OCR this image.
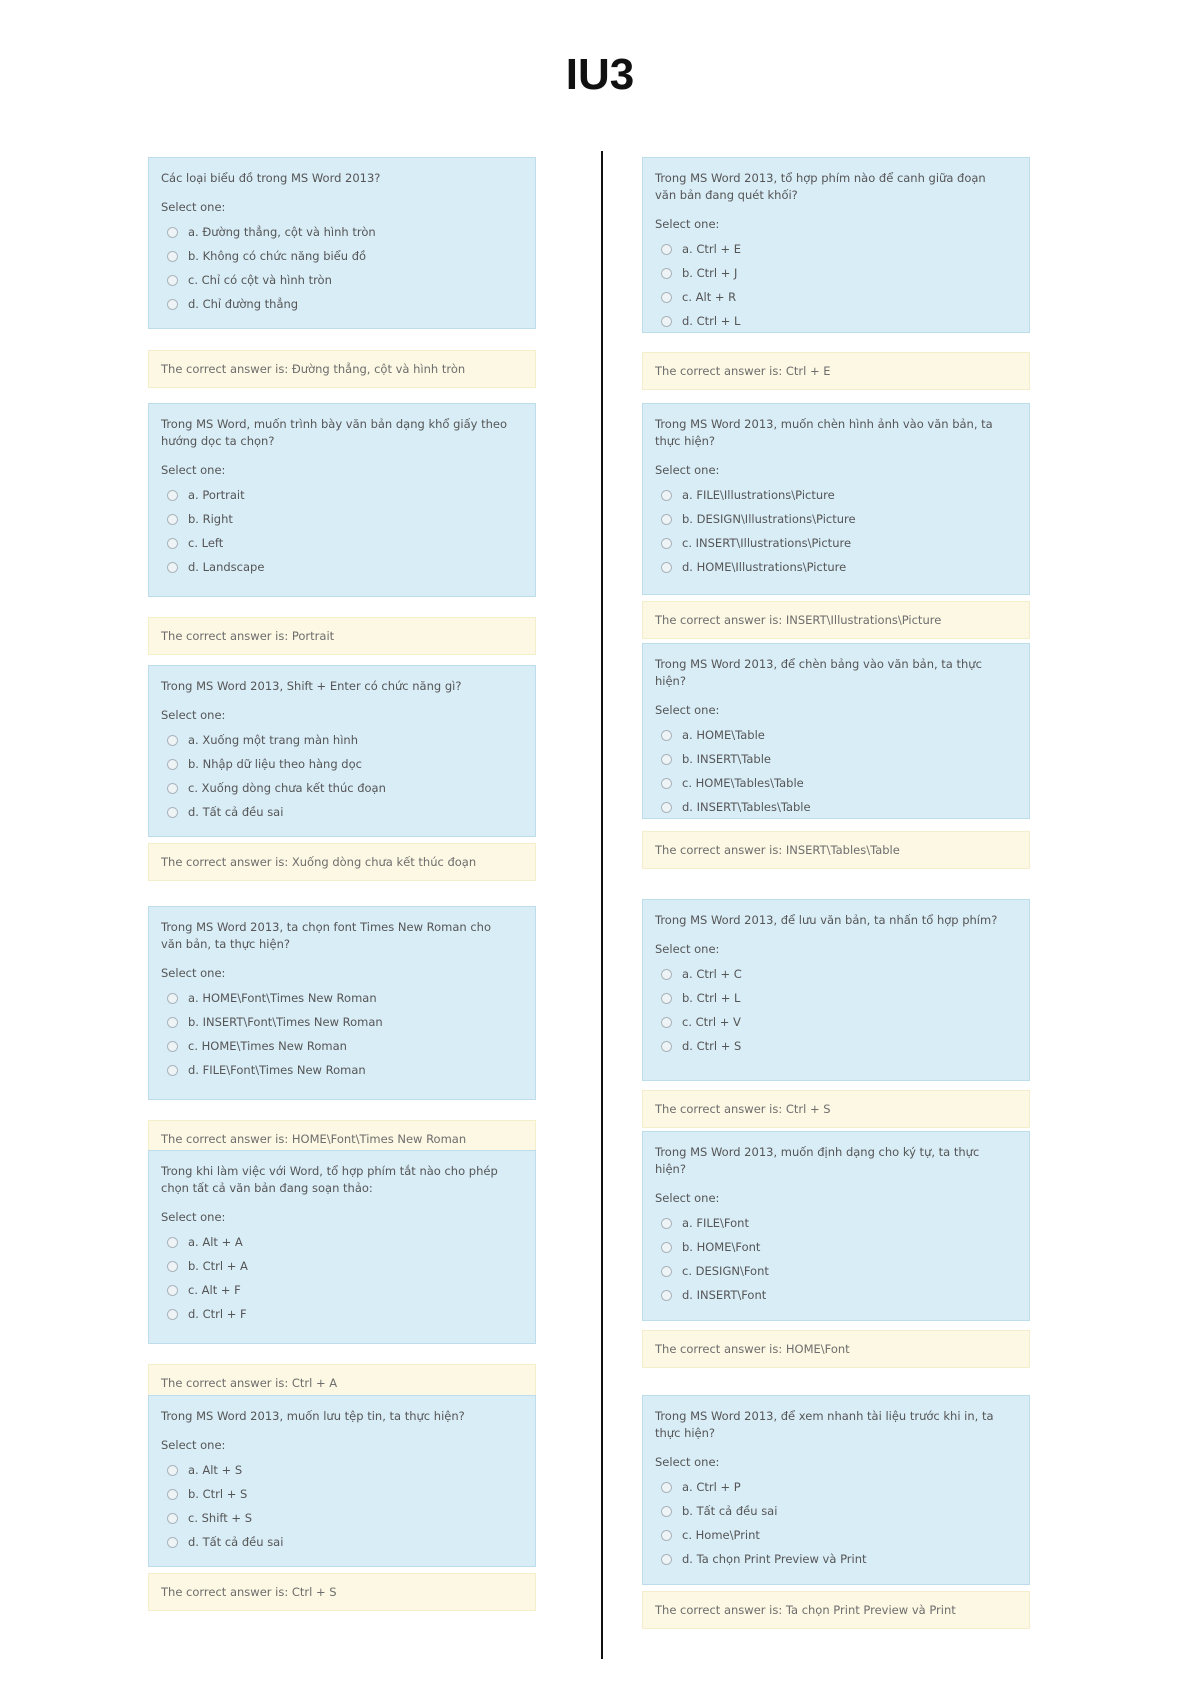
IU3
Các loại biểu đồ trong MS Word 2013?
Select one:
a. Đường thẳng, cột và hình tròn
b. Không có chức năng biểu đồ
c. Chỉ có cột và hình tròn
d. Chỉ đường thẳng
The correct answer is: Đường thẳng, cột và hình tròn
Trong MS Word, muốn trình bày văn bản dạng khổ giấy theo hướng dọc ta chọn?
Select one:
a. Portrait
b. Right
c. Left
d. Landscape
The correct answer is: Portrait
Trong MS Word 2013, Shift + Enter có chức năng gì?
Select one:
a. Xuống một trang màn hình
b. Nhập dữ liệu theo hàng dọc
c. Xuống dòng chưa kết thúc đoạn
d. Tất cả đều sai
The correct answer is: Xuống dòng chưa kết thúc đoạn
Trong MS Word 2013, ta chọn font Times New Roman cho văn bản, ta thực hiện?
Select one:
a. HOME\Font\Times New Roman
b. INSERT\Font\Times New Roman
c. HOME\Times New Roman
d. FILE\Font\Times New Roman
The correct answer is: HOME\Font\Times New Roman
Trong khi làm việc với Word, tổ hợp phím tắt nào cho phép chọn tất cả văn bản đang soạn thảo:
Select one:
a. Alt + A
b. Ctrl + A
c. Alt + F
d. Ctrl + F
The correct answer is: Ctrl + A
Trong MS Word 2013, muốn lưu tệp tin, ta thực hiện?
Select one:
a. Alt + S
b. Ctrl + S
c. Shift + S
d. Tất cả đều sai
The correct answer is: Ctrl + S
Trong MS Word 2013, tổ hợp phím nào để canh giữa đoạn văn bản đang quét khối?
Select one:
a. Ctrl + E
b. Ctrl + J
c. Alt + R
d. Ctrl + L
The correct answer is: Ctrl + E
Trong MS Word 2013, muốn chèn hình ảnh vào văn bản, ta thực hiện?
Select one:
a. FILE\Illustrations\Picture
b. DESIGN\Illustrations\Picture
c. INSERT\Illustrations\Picture
d. HOME\Illustrations\Picture
The correct answer is: INSERT\Illustrations\Picture
Trong MS Word 2013, để chèn bảng vào văn bản, ta thực hiện?
Select one:
a. HOME\Table
b. INSERT\Table
c. HOME\Tables\Table
d. INSERT\Tables\Table
The correct answer is: INSERT\Tables\Table
Trong MS Word 2013, để lưu văn bản, ta nhấn tổ hợp phím?
Select one:
a. Ctrl + C
b. Ctrl + L
c. Ctrl + V
d. Ctrl + S
The correct answer is: Ctrl + S
Trong MS Word 2013, muốn định dạng cho ký tự, ta thực hiện?
Select one:
a. FILE\Font
b. HOME\Font
c. DESIGN\Font
d. INSERT\Font
The correct answer is: HOME\Font
Trong MS Word 2013, để xem nhanh tài liệu trước khi in, ta thực hiện?
Select one:
a. Ctrl + P
b. Tất cả đều sai
c. Home\Print
d. Ta chọn Print Preview và Print
The correct answer is: Ta chọn Print Preview và Print
